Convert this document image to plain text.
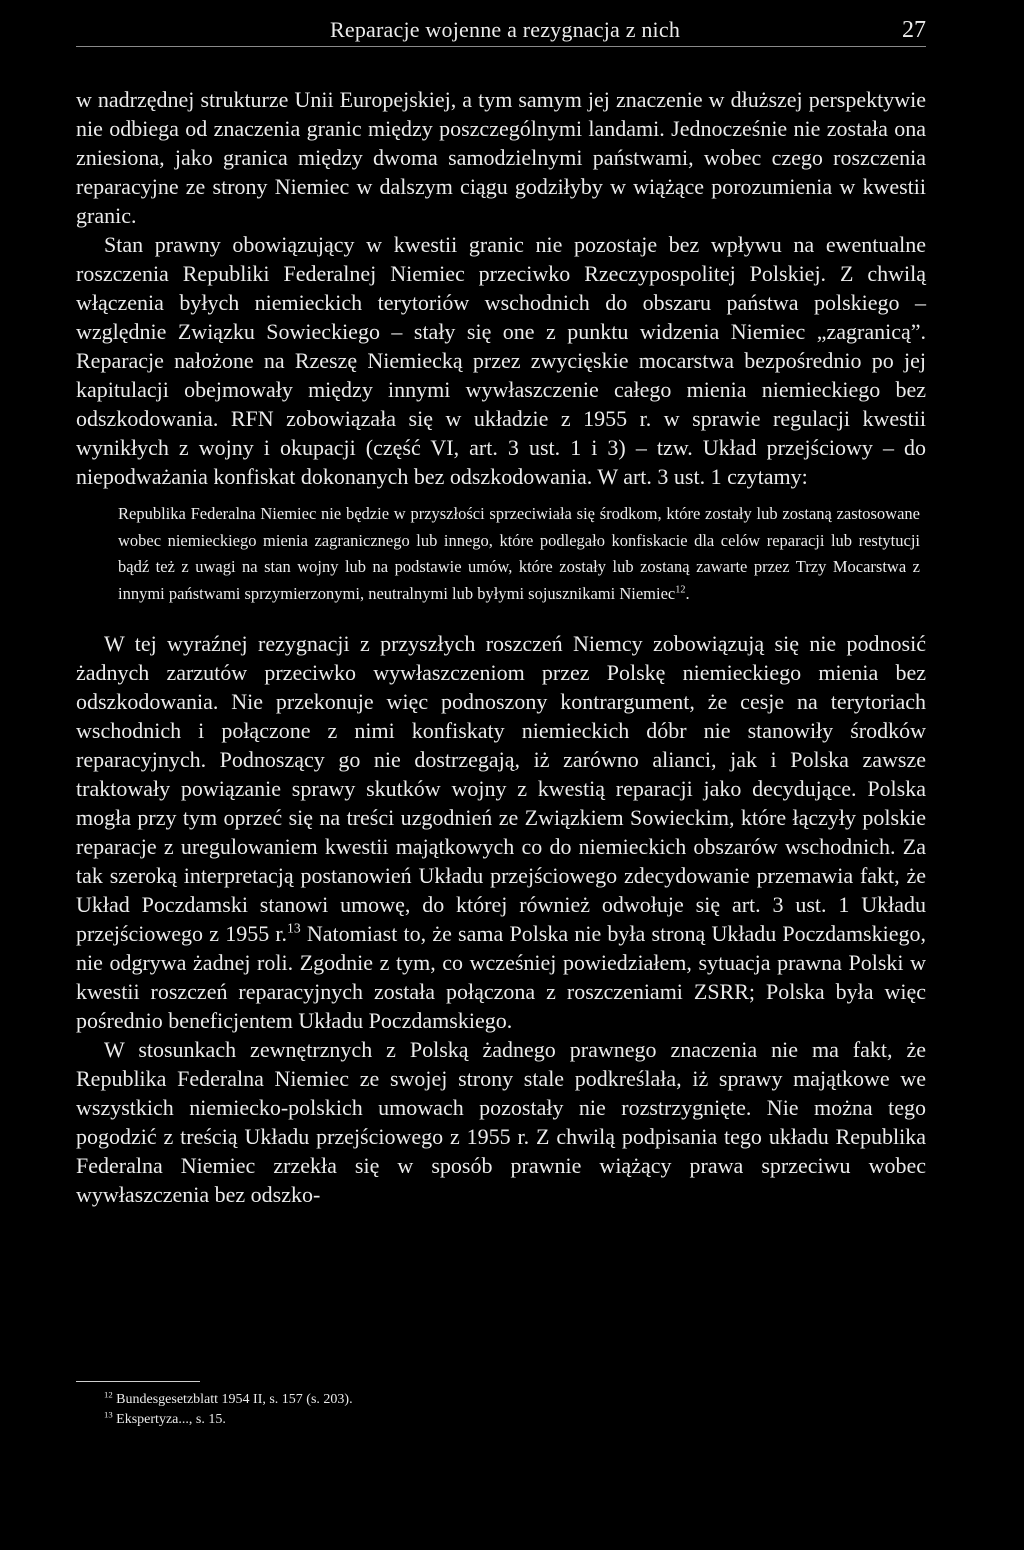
Reparacje wojenne a rezygnacja z nich	27

w nadrzędnej strukturze Unii Europejskiej, a tym samym jej znaczenie w dłuższej perspektywie nie odbiega od znaczenia granic między poszczególnymi landami. Jednocześnie nie została ona zniesiona, jako granica między dwoma samodzielnymi państwami, wobec czego roszczenia reparacyjne ze strony Niemiec w dalszym ciągu godziłyby w wiążące porozumienia w kwestii granic.

Stan prawny obowiązujący w kwestii granic nie pozostaje bez wpływu na ewentualne roszczenia Republiki Federalnej Niemiec przeciwko Rzeczypospolitej Polskiej. Z chwilą włączenia byłych niemieckich terytoriów wschodnich do obszaru państwa polskiego – względnie Związku Sowieckiego – stały się one z punktu widzenia Niemiec „zagranicą”. Reparacje nałożone na Rzeszę Niemiecką przez zwycięskie mocarstwa bezpośrednio po jej kapitulacji obejmowały między innymi wywłaszczenie całego mienia niemieckiego bez odszkodowania. RFN zobowiązała się w układzie z 1955 r. w sprawie regulacji kwestii wynikłych z wojny i okupacji (część VI, art. 3 ust. 1 i 3) – tzw. Układ przejściowy – do niepodważania konfiskat dokonanych bez odszkodowania. W art. 3 ust. 1 czytamy:

Republika Federalna Niemiec nie będzie w przyszłości sprzeciwiała się środkom, które zostały lub zostaną zastosowane wobec niemieckiego mienia zagranicznego lub innego, które podlegało konfiskacie dla celów reparacji lub restytucji bądź też z uwagi na stan wojny lub na podstawie umów, które zostały lub zostaną zawarte przez Trzy Mocarstwa z innymi państwami sprzymierzonymi, neutralnymi lub byłymi sojusznikami Niemiec$^{12}$.

W tej wyraźnej rezygnacji z przyszłych roszczeń Niemcy zobowiązują się nie podnosić żadnych zarzutów przeciwko wywłaszczeniom przez Polskę niemieckiego mienia bez odszkodowania. Nie przekonuje więc podnoszony kontrargument, że cesje na terytoriach wschodnich i połączone z nimi konfiskaty niemieckich dóbr nie stanowiły środków reparacyjnych. Podnoszący go nie dostrzegają, iż zarówno alianci, jak i Polska zawsze traktowały powiązanie sprawy skutków wojny z kwestią reparacji jako decydujące. Polska mogła przy tym oprzeć się na treści uzgodnień ze Związkiem Sowieckim, które łączyły polskie reparacje z uregulowaniem kwestii majątkowych co do niemieckich obszarów wschodnich. Za tak szeroką interpretacją postanowień Układu przejściowego zdecydowanie przemawia fakt, że Układ Poczdamski stanowi umowę, do której również odwołuje się art. 3 ust. 1 Układu przejściowego z 1955 r.$^{13}$ Natomiast to, że sama Polska nie była stroną Układu Poczdamskiego, nie odgrywa żadnej roli. Zgodnie z tym, co wcześniej powiedziałem, sytuacja prawna Polski w kwestii roszczeń reparacyjnych została połączona z roszczeniami ZSRR; Polska była więc pośrednio beneficjentem Układu Poczdamskiego.

W stosunkach zewnętrznych z Polską żadnego prawnego znaczenia nie ma fakt, że Republika Federalna Niemiec ze swojej strony stale podkreślała, iż sprawy majątkowe we wszystkich niemiecko-polskich umowach pozostały nie rozstrzygnięte. Nie można tego pogodzić z treścią Układu przejściowego z 1955 r. Z chwilą podpisania tego układu Republika Federalna Niemiec zrzekła się w sposób prawnie wiążący prawa sprzeciwu wobec wywłaszczenia bez odszko-

$^{12}$ Bundesgesetzblatt 1954 II, s. 157 (s. 203).
$^{13}$ Ekspertyza..., s. 15.
